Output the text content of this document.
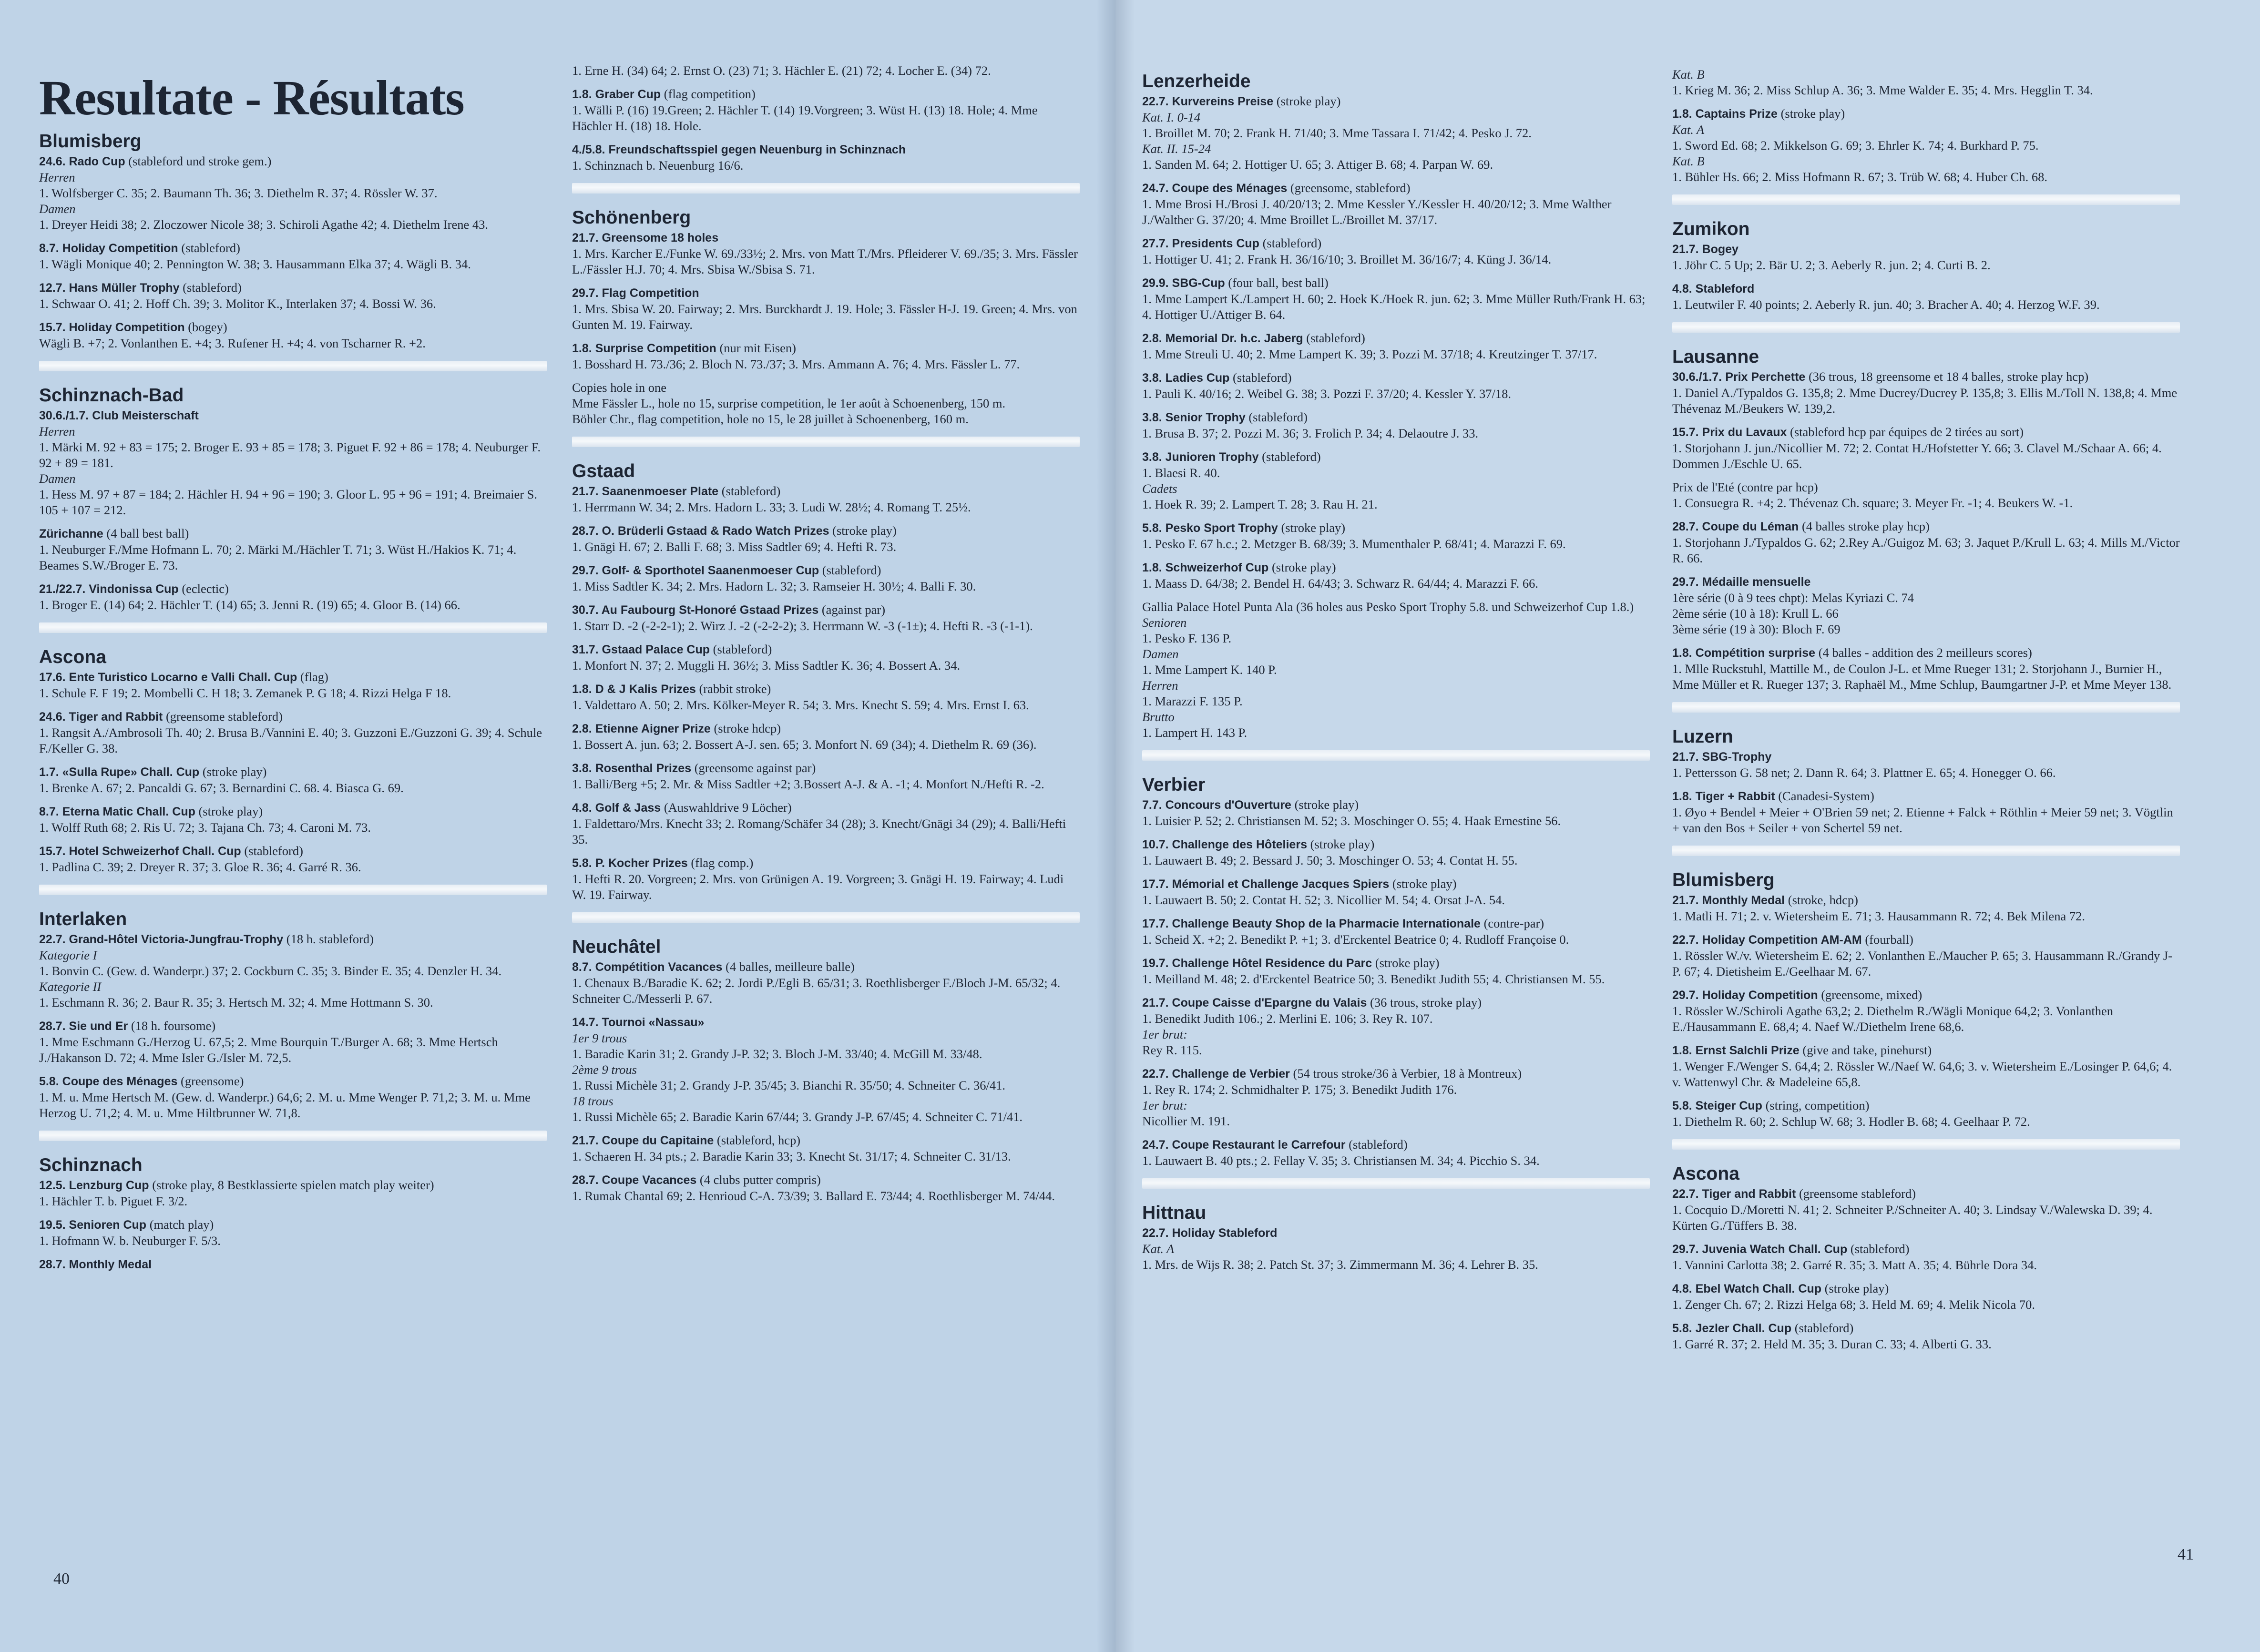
Resultate - Résultats
Blumisberg
24.6. Rado Cup (stableford und stroke gem.)
Herren
1. Wolfsberger C. 35; 2. Baumann Th. 36; 3. Diethelm R. 37; 4. Rössler W. 37.
Damen
1. Dreyer Heidi 38; 2. Zloczower Nicole 38; 3. Schiroli Agathe 42; 4. Diethelm Irene 43.
8.7. Holiday Competition (stableford)
1. Wägli Monique 40; 2. Pennington W. 38; 3. Hausammann Elka 37; 4. Wägli B. 34.
12.7. Hans Müller Trophy (stableford)
1. Schwaar O. 41; 2. Hoff Ch. 39; 3. Molitor K., Interlaken 37; 4. Bossi W. 36.
15.7. Holiday Competition (bogey)
Wägli B. +7; 2. Vonlanthen E. +4; 3. Rufener H. +4; 4. von Tscharner R. +2.
Schinznach-Bad
30.6./1.7. Club Meisterschaft
Herren
1. Märki M. 92 + 83 = 175; 2. Broger E. 93 + 85 = 178; 3. Piguet F. 92 + 86 = 178; 4. Neuburger F. 92 + 89 = 181.
Damen
1. Hess M. 97 + 87 = 184; 2. Hächler H. 94 + 96 = 190; 3. Gloor L. 95 + 96 = 191; 4. Breimaier S. 105 + 107 = 212.
Zürichanne (4 ball best ball)
1. Neuburger F./Mme Hofmann L. 70; 2. Märki M./Hächler T. 71; 3. Wüst H./Hakios K. 71; 4. Beames S.W./Broger E. 73.
21./22.7. Vindonissa Cup (eclectic)
1. Broger E. (14) 64; 2. Hächler T. (14) 65; 3. Jenni R. (19) 65; 4. Gloor B. (14) 66.
Ascona
17.6. Ente Turistico Locarno e Valli Chall. Cup (flag)
1. Schule F. F 19; 2. Mombelli C. H 18; 3. Zemanek P. G 18; 4. Rizzi Helga F 18.
24.6. Tiger and Rabbit (greensome stableford)
1. Rangsit A./Ambrosoli Th. 40; 2. Brusa B./Vannini E. 40; 3. Guzzoni E./Guzzoni G. 39; 4. Schule F./Keller G. 38.
1.7. «Sulla Rupe» Chall. Cup (stroke play)
1. Brenke A. 67; 2. Pancaldi G. 67; 3. Bernardini C. 68. 4. Biasca G. 69.
8.7. Eterna Matic Chall. Cup (stroke play)
1. Wolff Ruth 68; 2. Ris U. 72; 3. Tajana Ch. 73; 4. Caroni M. 73.
15.7. Hotel Schweizerhof Chall. Cup (stableford)
1. Padlina C. 39; 2. Dreyer R. 37; 3. Gloe R. 36; 4. Garré R. 36.
Interlaken
22.7. Grand-Hôtel Victoria-Jungfrau-Trophy (18 h. stableford)
Kategorie I
1. Bonvin C. (Gew. d. Wanderpr.) 37; 2. Cockburn C. 35; 3. Binder E. 35; 4. Denzler H. 34.
Kategorie II
1. Eschmann R. 36; 2. Baur R. 35; 3. Hertsch M. 32; 4. Mme Hottmann S. 30.
28.7. Sie und Er (18 h. foursome)
1. Mme Eschmann G./Herzog U. 67,5; 2. Mme Bourquin T./Burger A. 68; 3. Mme Hertsch J./Hakanson D. 72; 4. Mme Isler G./Isler M. 72,5.
5.8. Coupe des Ménages (greensome)
1. M. u. Mme Hertsch M. (Gew. d. Wanderpr.) 64,6; 2. M. u. Mme Wenger P. 71,2; 3. M. u. Mme Herzog U. 71,2; 4. M. u. Mme Hiltbrunner W. 71,8.
Schinznach
12.5. Lenzburg Cup (stroke play, 8 Bestklassierte spielen match play weiter)
1. Hächler T. b. Piguet F. 3/2.
19.5. Senioren Cup (match play)
1. Hofmann W. b. Neuburger F. 5/3.
28.7. Monthly Medal
1. Erne H. (34) 64; 2. Ernst O. (23) 71; 3. Hächler E. (21) 72; 4. Locher E. (34) 72.
1.8. Graber Cup (flag competition)
1. Wälli P. (16) 19.Green; 2. Hächler T. (14) 19.Vorgreen; 3. Wüst H. (13) 18. Hole; 4. Mme Hächler H. (18) 18. Hole.
4./5.8. Freundschaftsspiel gegen Neuenburg in Schinznach
1. Schinznach b. Neuenburg 16/6.
Schönenberg
21.7. Greensome 18 holes
1. Mrs. Karcher E./Funke W. 69./33½; 2. Mrs. von Matt T./Mrs. Pfleiderer V. 69./35; 3. Mrs. Fässler L./Fässler H.J. 70; 4. Mrs. Sbisa W./Sbisa S. 71.
29.7. Flag Competition
1. Mrs. Sbisa W. 20. Fairway; 2. Mrs. Burckhardt J. 19. Hole; 3. Fässler H-J. 19. Green; 4. Mrs. von Gunten M. 19. Fairway.
1.8. Surprise Competition (nur mit Eisen)
1. Bosshard H. 73./36; 2. Bloch N. 73./37; 3. Mrs. Ammann A. 76; 4. Mrs. Fässler L. 77.
Copies hole in one
Mme Fässler L., hole no 15, surprise competition, le 1er août à Schoenenberg, 150 m.
Böhler Chr., flag competition, hole no 15, le 28 juillet à Schoenenberg, 160 m.
Gstaad
21.7. Saanenmoeser Plate (stableford)
1. Herrmann W. 34; 2. Mrs. Hadorn L. 33; 3. Ludi W. 28½; 4. Romang T. 25½.
28.7. O. Brüderli Gstaad & Rado Watch Prizes (stroke play)
1. Gnägi H. 67; 2. Balli F. 68; 3. Miss Sadtler 69; 4. Hefti R. 73.
29.7. Golf- & Sporthotel Saanenmoeser Cup (stableford)
1. Miss Sadtler K. 34; 2. Mrs. Hadorn L. 32; 3. Ramseier H. 30½; 4. Balli F. 30.
30.7. Au Faubourg St-Honoré Gstaad Prizes (against par)
1. Starr D. -2 (-2-2-1); 2. Wirz J. -2 (-2-2-2); 3. Herrmann W. -3 (-1±); 4. Hefti R. -3 (-1-1).
31.7. Gstaad Palace Cup (stableford)
1. Monfort N. 37; 2. Muggli H. 36½; 3. Miss Sadtler K. 36; 4. Bossert A. 34.
1.8. D & J Kalis Prizes (rabbit stroke)
1. Valdettaro A. 50; 2. Mrs. Kölker-Meyer R. 54; 3. Mrs. Knecht S. 59; 4. Mrs. Ernst I. 63.
2.8. Etienne Aigner Prize (stroke hdcp)
1. Bossert A. jun. 63; 2. Bossert A-J. sen. 65; 3. Monfort N. 69 (34); 4. Diethelm R. 69 (36).
3.8. Rosenthal Prizes (greensome against par)
1. Balli/Berg +5; 2. Mr. & Miss Sadtler +2; 3.Bossert A-J. & A. -1; 4. Monfort N./Hefti R. -2.
4.8. Golf & Jass (Auswahldrive 9 Löcher)
1. Faldettaro/Mrs. Knecht 33; 2. Romang/Schäfer 34 (28); 3. Knecht/Gnägi 34 (29); 4. Balli/Hefti 35.
5.8. P. Kocher Prizes (flag comp.)
1. Hefti R. 20. Vorgreen; 2. Mrs. von Grünigen A. 19. Vorgreen; 3. Gnägi H. 19. Fairway; 4. Ludi W. 19. Fairway.
Neuchâtel
8.7. Compétition Vacances (4 balles, meilleure balle)
1. Chenaux B./Baradie K. 62; 2. Jordi P./Egli B. 65/31; 3. Roethlisberger F./Bloch J-M. 65/32; 4. Schneiter C./Messerli P. 67.
14.7. Tournoi «Nassau»
1er 9 trous
1. Baradie Karin 31; 2. Grandy J-P. 32; 3. Bloch J-M. 33/40; 4. McGill M. 33/48.
2ème 9 trous
1. Russi Michèle 31; 2. Grandy J-P. 35/45; 3. Bianchi R. 35/50; 4. Schneiter C. 36/41.
18 trous
1. Russi Michèle 65; 2. Baradie Karin 67/44; 3. Grandy J-P. 67/45; 4. Schneiter C. 71/41.
21.7. Coupe du Capitaine (stableford, hcp)
1. Schaeren H. 34 pts.; 2. Baradie Karin 33; 3. Knecht St. 31/17; 4. Schneiter C. 31/13.
28.7. Coupe Vacances (4 clubs putter compris)
1. Rumak Chantal 69; 2. Henrioud C-A. 73/39; 3. Ballard E. 73/44; 4. Roethlisberger M. 74/44.
Lenzerheide
22.7. Kurvereins Preise (stroke play)
Kat. I. 0-14
1. Broillet M. 70; 2. Frank H. 71/40; 3. Mme Tassara I. 71/42; 4. Pesko J. 72.
Kat. II. 15-24
1. Sanden M. 64; 2. Hottiger U. 65; 3. Attiger B. 68; 4. Parpan W. 69.
24.7. Coupe des Ménages (greensome, stableford)
1. Mme Brosi H./Brosi J. 40/20/13; 2. Mme Kessler Y./Kessler H. 40/20/12; 3. Mme Walther J./Walther G. 37/20; 4. Mme Broillet L./Broillet M. 37/17.
27.7. Presidents Cup (stableford)
1. Hottiger U. 41; 2. Frank H. 36/16/10; 3. Broillet M. 36/16/7; 4. Küng J. 36/14.
29.9. SBG-Cup (four ball, best ball)
1. Mme Lampert K./Lampert H. 60; 2. Hoek K./Hoek R. jun. 62; 3. Mme Müller Ruth/Frank H. 63; 4. Hottiger U./Attiger B. 64.
2.8. Memorial Dr. h.c. Jaberg (stableford)
1. Mme Streuli U. 40; 2. Mme Lampert K. 39; 3. Pozzi M. 37/18; 4. Kreutzinger T. 37/17.
3.8. Ladies Cup (stableford)
1. Pauli K. 40/16; 2. Weibel G. 38; 3. Pozzi F. 37/20; 4. Kessler Y. 37/18.
3.8. Senior Trophy (stableford)
1. Brusa B. 37; 2. Pozzi M. 36; 3. Frolich P. 34; 4. Delaoutre J. 33.
3.8. Junioren Trophy (stableford)
1. Blaesi R. 40.
Cadets
1. Hoek R. 39; 2. Lampert T. 28; 3. Rau H. 21.
5.8. Pesko Sport Trophy (stroke play)
1. Pesko F. 67 h.c.; 2. Metzger B. 68/39; 3. Mumenthaler P. 68/41; 4. Marazzi F. 69.
1.8. Schweizerhof Cup (stroke play)
1. Maass D. 64/38; 2. Bendel H. 64/43; 3. Schwarz R. 64/44; 4. Marazzi F. 66.
Gallia Palace Hotel Punta Ala (36 holes aus Pesko Sport Trophy 5.8. und Schweizerhof Cup 1.8.)
Senioren
1. Pesko F. 136 P.
Damen
1. Mme Lampert K. 140 P.
Herren
1. Marazzi F. 135 P.
Brutto
1. Lampert H. 143 P.
Verbier
7.7. Concours d'Ouverture (stroke play)
1. Luisier P. 52; 2. Christiansen M. 52; 3. Moschinger O. 55; 4. Haak Ernestine 56.
10.7. Challenge des Hôteliers (stroke play)
1. Lauwaert B. 49; 2. Bessard J. 50; 3. Moschinger O. 53; 4. Contat H. 55.
17.7. Mémorial et Challenge Jacques Spiers (stroke play)
1. Lauwaert B. 50; 2. Contat H. 52; 3. Nicollier M. 54; 4. Orsat J-A. 54.
17.7. Challenge Beauty Shop de la Pharmacie Internationale (contre-par)
1. Scheid X. +2; 2. Benedikt P. +1; 3. d'Erckentel Beatrice 0; 4. Rudloff Françoise 0.
19.7. Challenge Hôtel Residence du Parc (stroke play)
1. Meilland M. 48; 2. d'Erckentel Beatrice 50; 3. Benedikt Judith 55; 4. Christiansen M. 55.
21.7. Coupe Caisse d'Epargne du Valais (36 trous, stroke play)
1. Benedikt Judith 106.; 2. Merlini E. 106; 3. Rey R. 107.
1er brut:
Rey R. 115.
22.7. Challenge de Verbier (54 trous stroke/36 à Verbier, 18 à Montreux)
1. Rey R. 174; 2. Schmidhalter P. 175; 3. Benedikt Judith 176.
1er brut:
Nicollier M. 191.
24.7. Coupe Restaurant le Carrefour (stableford)
1. Lauwaert B. 40 pts.; 2. Fellay V. 35; 3. Christiansen M. 34; 4. Picchio S. 34.
Hittnau
22.7. Holiday Stableford
Kat. A
1. Mrs. de Wijs R. 38; 2. Patch St. 37; 3. Zimmermann M. 36; 4. Lehrer B. 35.
Kat. B
1. Krieg M. 36; 2. Miss Schlup A. 36; 3. Mme Walder E. 35; 4. Mrs. Hegglin T. 34.
1.8. Captains Prize (stroke play)
Kat. A
1. Sword Ed. 68; 2. Mikkelson G. 69; 3. Ehrler K. 74; 4. Burkhard P. 75.
Kat. B
1. Bühler Hs. 66; 2. Miss Hofmann R. 67; 3. Trüb W. 68; 4. Huber Ch. 68.
Zumikon
21.7. Bogey
1. Jöhr C. 5 Up; 2. Bär U. 2; 3. Aeberly R. jun. 2; 4. Curti B. 2.
4.8. Stableford
1. Leutwiler F. 40 points; 2. Aeberly R. jun. 40; 3. Bracher A. 40; 4. Herzog W.F. 39.
Lausanne
30.6./1.7. Prix Perchette (36 trous, 18 greensome et 18 4 balles, stroke play hcp)
1. Daniel A./Typaldos G. 135,8; 2. Mme Ducrey/Ducrey P. 135,8; 3. Ellis M./Toll N. 138,8; 4. Mme Thévenaz M./Beukers W. 139,2.
15.7. Prix du Lavaux (stableford hcp par équipes de 2 tirées au sort)
1. Storjohann J. jun./Nicollier M. 72; 2. Contat H./Hofstetter Y. 66; 3. Clavel M./Schaar A. 66; 4. Dommen J./Eschle U. 65.
Prix de l'Eté (contre par hcp)
1. Consuegra R. +4; 2. Thévenaz Ch. square; 3. Meyer Fr. -1; 4. Beukers W. -1.
28.7. Coupe du Léman (4 balles stroke play hcp)
1. Storjohann J./Typaldos G. 62; 2.Rey A./Guigoz M. 63; 3. Jaquet P./Krull L. 63; 4. Mills M./Victor R. 66.
29.7. Médaille mensuelle
1ère série (0 à 9 tees chpt): Melas Kyriazi C. 74
2ème série (10 à 18): Krull L. 66
3ème série (19 à 30): Bloch F. 69
1.8. Compétition surprise (4 balles - addition des 2 meilleurs scores)
1. Mlle Ruckstuhl, Mattille M., de Coulon J-L. et Mme Rueger 131; 2. Storjohann J., Burnier H., Mme Müller et R. Rueger 137; 3. Raphaël M., Mme Schlup, Baumgartner J-P. et Mme Meyer 138.
Luzern
21.7. SBG-Trophy
1. Pettersson G. 58 net; 2. Dann R. 64; 3. Plattner E. 65; 4. Honegger O. 66.
1.8. Tiger + Rabbit (Canadesi-System)
1. Øyo + Bendel + Meier + O'Brien 59 net; 2. Etienne + Falck + Röthlin + Meier 59 net; 3. Vögtlin + van den Bos + Seiler + von Schertel 59 net.
Blumisberg
21.7. Monthly Medal (stroke, hdcp)
1. Matli H. 71; 2. v. Wietersheim E. 71; 3. Hausammann R. 72; 4. Bek Milena 72.
22.7. Holiday Competition AM-AM (fourball)
1. Rössler W./v. Wietersheim E. 62; 2. Vonlanthen E./Maucher P. 65; 3. Hausammann R./Grandy J-P. 67; 4. Dietisheim E./Geelhaar M. 67.
29.7. Holiday Competition (greensome, mixed)
1. Rössler W./Schiroli Agathe 63,2; 2. Diethelm R./Wägli Monique 64,2; 3. Vonlanthen E./Hausammann E. 68,4; 4. Naef W./Diethelm Irene 68,6.
1.8. Ernst Salchli Prize (give and take, pinehurst)
1. Wenger F./Wenger S. 64,4; 2. Rössler W./Naef W. 64,6; 3. v. Wietersheim E./Losinger P. 64,6; 4. v. Wattenwyl Chr. & Madeleine 65,8.
5.8. Steiger Cup (string, competition)
1. Diethelm R. 60; 2. Schlup W. 68; 3. Hodler B. 68; 4. Geelhaar P. 72.
Ascona
22.7. Tiger and Rabbit (greensome stableford)
1. Cocquio D./Moretti N. 41; 2. Schneiter P./Schneiter A. 40; 3. Lindsay V./Walewska D. 39; 4. Kürten G./Tüffers B. 38.
29.7. Juvenia Watch Chall. Cup (stableford)
1. Vannini Carlotta 38; 2. Garré R. 35; 3. Matt A. 35; 4. Bührle Dora 34.
4.8. Ebel Watch Chall. Cup (stroke play)
1. Zenger Ch. 67; 2. Rizzi Helga 68; 3. Held M. 69; 4. Melik Nicola 70.
5.8. Jezler Chall. Cup (stableford)
1. Garré R. 37; 2. Held M. 35; 3. Duran C. 33; 4. Alberti G. 33.
40
41
